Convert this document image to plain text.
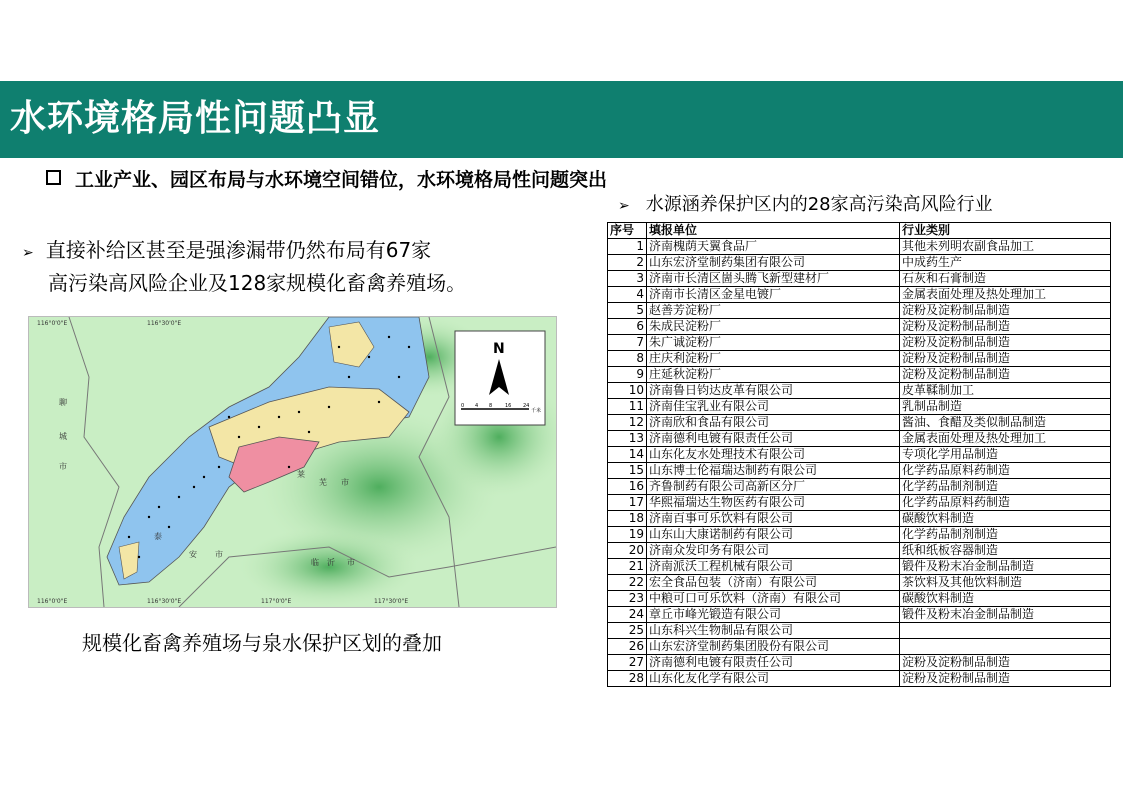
水环境格局性问题凸显
工业产业、园区布局与水环境空间错位，水环境格局性问题突出
➢ 水源涵养保护区内的28家高污染高风险行业
➢ 直接补给区甚至是强渗漏带仍然布局有67家
高污染高风险企业及128家规模化畜禽养殖场。
聊
城
市
莱
芜 市
泰
安 市
临 沂 市
116°0'0"E	116°30'0"E
116°0'0"E	116°30'0"E	117°0'0"E	117°30'0"E
N
0 4 8	16 24
千米
规模化畜禽养殖场与泉水保护区划的叠加
序号	填报单位	行业类别
1	济南槐荫天翼食品厂	其他未列明农副食品加工
2	山东宏济堂制药集团有限公司	中成药生产
3	济南市长清区崮头腾飞新型建材厂	石灰和石膏制造
4	济南市长清区金星电镀厂	金属表面处理及热处理加工
5	赵善芳淀粉厂	淀粉及淀粉制品制造
6	朱成民淀粉厂	淀粉及淀粉制品制造
7	朱广诚淀粉厂	淀粉及淀粉制品制造
8	庄庆利淀粉厂	淀粉及淀粉制品制造
9	庄延秋淀粉厂	淀粉及淀粉制品制造
10	济南鲁日钧达皮革有限公司	皮革鞣制加工
11	济南佳宝乳业有限公司	乳制品制造
12	济南欣和食品有限公司	酱油、食醋及类似制品制造
13	济南德利电镀有限责任公司	金属表面处理及热处理加工
14	山东化友水处理技术有限公司	专项化学用品制造
15	山东博士伦福瑞达制药有限公司	化学药品原料药制造
16	齐鲁制药有限公司高新区分厂	化学药品制剂制造
17	华熙福瑞达生物医药有限公司	化学药品原料药制造
18	济南百事可乐饮料有限公司	碳酸饮料制造
19	山东山大康诺制药有限公司	化学药品制剂制造
20	济南众发印务有限公司	纸和纸板容器制造
21	济南派沃工程机械有限公司	锻件及粉末冶金制品制造
22	宏全食品包装（济南）有限公司	茶饮料及其他饮料制造
23	中粮可口可乐饮料（济南）有限公司	碳酸饮料制造
24	章丘市峰光锻造有限公司	锻件及粉末冶金制品制造
25	山东科兴生物制品有限公司	
26	山东宏济堂制药集团股份有限公司	
27	济南德利电镀有限责任公司	淀粉及淀粉制品制造
28	山东化友化学有限公司	淀粉及淀粉制品制造
